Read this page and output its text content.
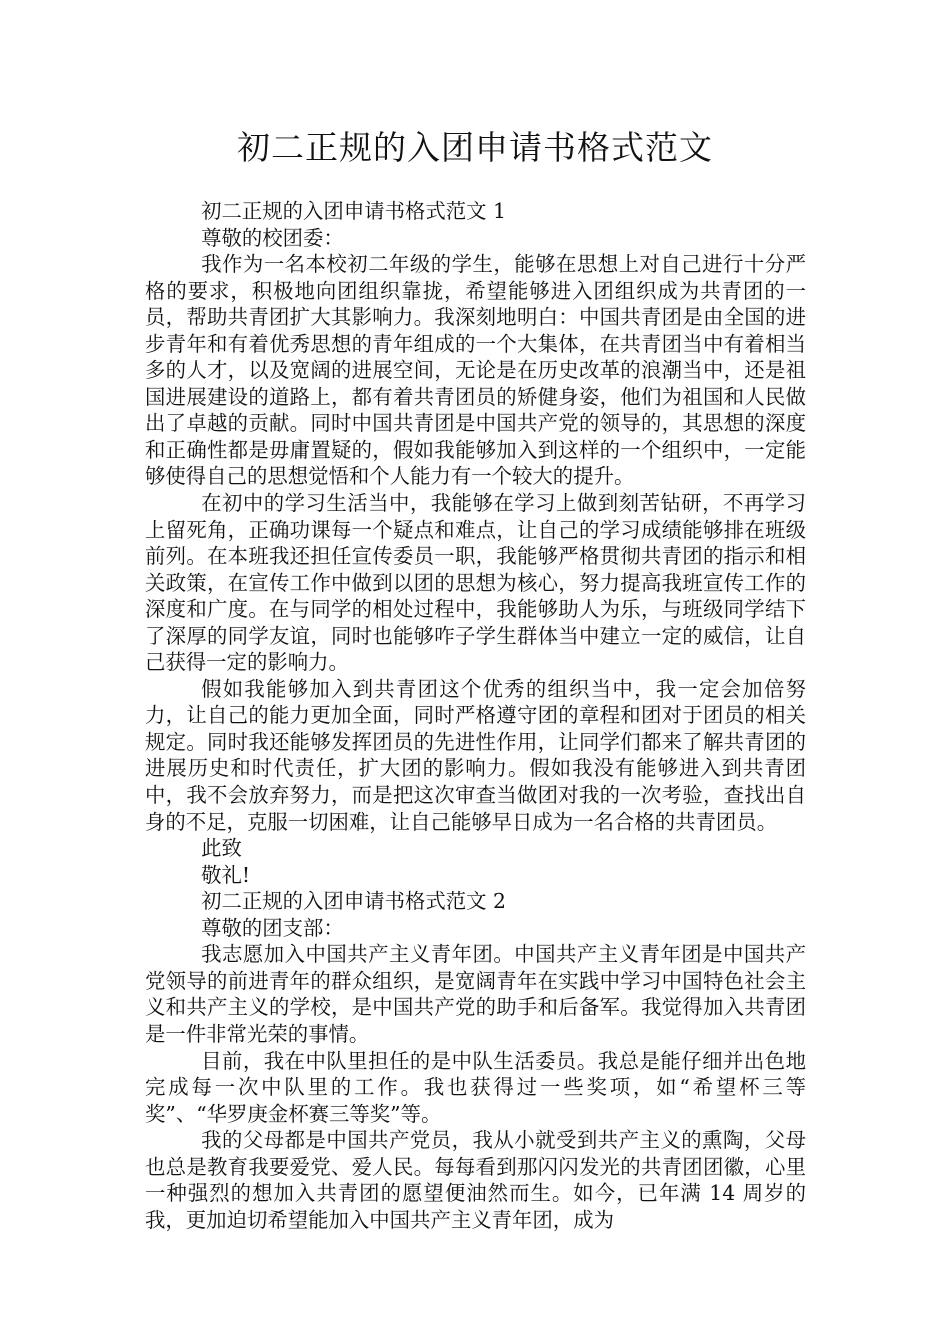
初二正规的入团申请书格式范文

初二正规的入团申请书格式范文 1

尊敬的校团委：

我作为一名本校初二年级的学生，能够在思想上对自己进行十分严格的要求，积极地向团组织靠拢，希望能够进入团组织成为共青团的一员，帮助共青团扩大其影响力。我深刻地明白：中国共青团是由全国的进步青年和有着优秀思想的青年组成的一个大集体，在共青团当中有着相当多的人才，以及宽阔的进展空间，无论是在历史改革的浪潮当中，还是祖国进展建设的道路上，都有着共青团员的矫健身姿，他们为祖国和人民做出了卓越的贡献。同时中国共青团是中国共产党的领导的，其思想的深度和正确性都是毋庸置疑的，假如我能够加入到这样的一个组织中，一定能够使得自己的思想觉悟和个人能力有一个较大的提升。

在初中的学习生活当中，我能够在学习上做到刻苦钻研，不再学习上留死角，正确功课每一个疑点和难点，让自己的学习成绩能够排在班级前列。在本班我还担任宣传委员一职，我能够严格贯彻共青团的指示和相关政策，在宣传工作中做到以团的思想为核心，努力提高我班宣传工作的深度和广度。在与同学的相处过程中，我能够助人为乐，与班级同学结下了深厚的同学友谊，同时也能够咋子学生群体当中建立一定的威信，让自己获得一定的影响力。

假如我能够加入到共青团这个优秀的组织当中，我一定会加倍努力，让自己的能力更加全面，同时严格遵守团的章程和团对于团员的相关规定。同时我还能够发挥团员的先进性作用，让同学们都来了解共青团的进展历史和时代责任，扩大团的影响力。假如我没有能够进入到共青团中，我不会放弃努力，而是把这次审查当做团对我的一次考验，查找出自身的不足，克服一切困难，让自己能够早日成为一名合格的共青团员。

此致

敬礼!

初二正规的入团申请书格式范文 2

尊敬的团支部：

我志愿加入中国共产主义青年团。中国共产主义青年团是中国共产党领导的前进青年的群众组织，是宽阔青年在实践中学习中国特色社会主义和共产主义的学校，是中国共产党的助手和后备军。我觉得加入共青团是一件非常光荣的事情。

目前，我在中队里担任的是中队生活委员。我总是能仔细并出色地完成每一次中队里的工作。我也获得过一些奖项，如“希望杯三等奖”、“华罗庚金杯赛三等奖”等。

我的父母都是中国共产党员，我从小就受到共产主义的熏陶，父母也总是教育我要爱党、爱人民。每每看到那闪闪发光的共青团团徽，心里一种强烈的想加入共青团的愿望便油然而生。如今，已年满 14 周岁的我，更加迫切希望能加入中国共产主义青年团，成为
